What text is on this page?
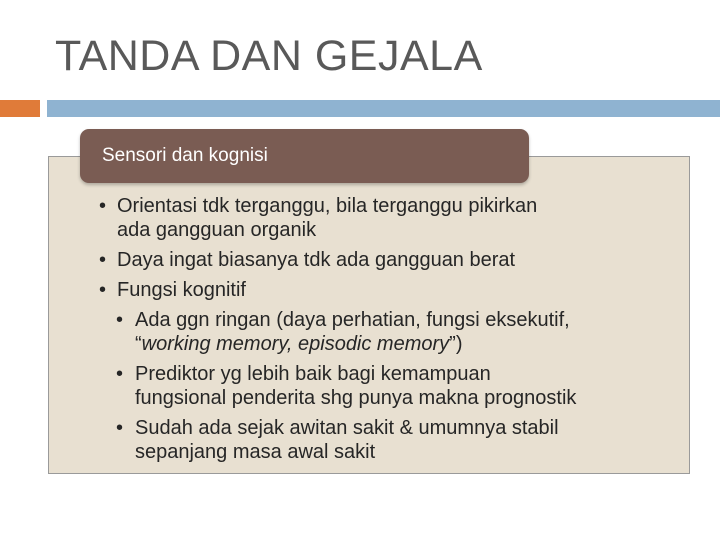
TANDA DAN GEJALA
Sensori dan kognisi
• Orientasi tdk terganggu, bila terganggu pikirkan
ada gangguan organik
• Daya ingat biasanya tdk ada gangguan berat
• Fungsi kognitif
• Ada ggn ringan (daya perhatian, fungsi eksekutif,
“working memory, episodic memory”)
• Prediktor yg lebih baik bagi kemampuan
fungsional penderita shg punya makna prognostik
• Sudah ada sejak awitan sakit & umumnya stabil
sepanjang masa awal sakit
